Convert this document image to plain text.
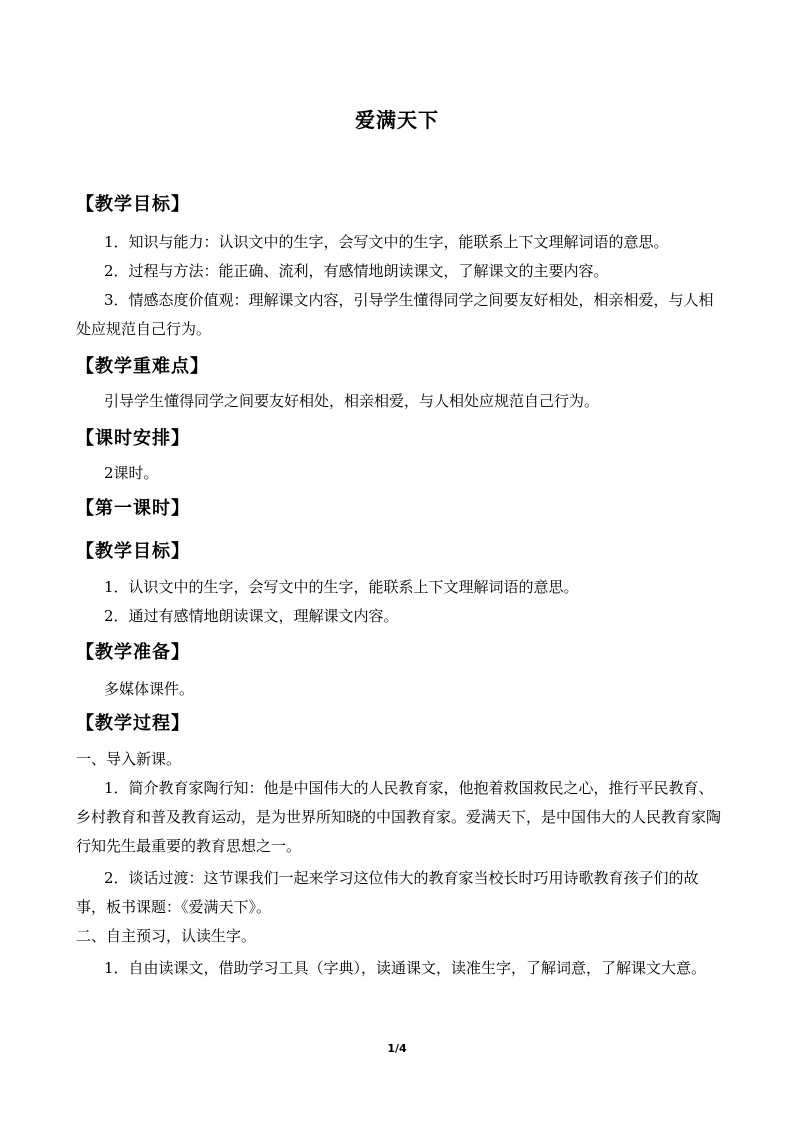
爱满天下
【教学目标】
1．知识与能力：认识文中的生字，会写文中的生字，能联系上下文理解词语的意思。
2．过程与方法：能正确、流利，有感情地朗读课文，了解课文的主要内容。
3．情感态度价值观：理解课文内容，引导学生懂得同学之间要友好相处，相亲相爱，与人相处应规范自己行为。
【教学重难点】
引导学生懂得同学之间要友好相处，相亲相爱，与人相处应规范自己行为。
【课时安排】
2课时。
【第一课时】
【教学目标】
1．认识文中的生字，会写文中的生字，能联系上下文理解词语的意思。
2．通过有感情地朗读课文，理解课文内容。
【教学准备】
多媒体课件。
【教学过程】
一、导入新课。
1．简介教育家陶行知：他是中国伟大的人民教育家，他抱着救国救民之心，推行平民教育、乡村教育和普及教育运动，是为世界所知晓的中国教育家。爱满天下，是中国伟大的人民教育家陶行知先生最重要的教育思想之一。
2．谈话过渡：这节课我们一起来学习这位伟大的教育家当校长时巧用诗歌教育孩子们的故事，板书课题：《爱满天下》。
二、自主预习，认读生字。
1．自由读课文，借助学习工具（字典），读通课文，读准生字，了解词意，了解课文大意。
1/4
